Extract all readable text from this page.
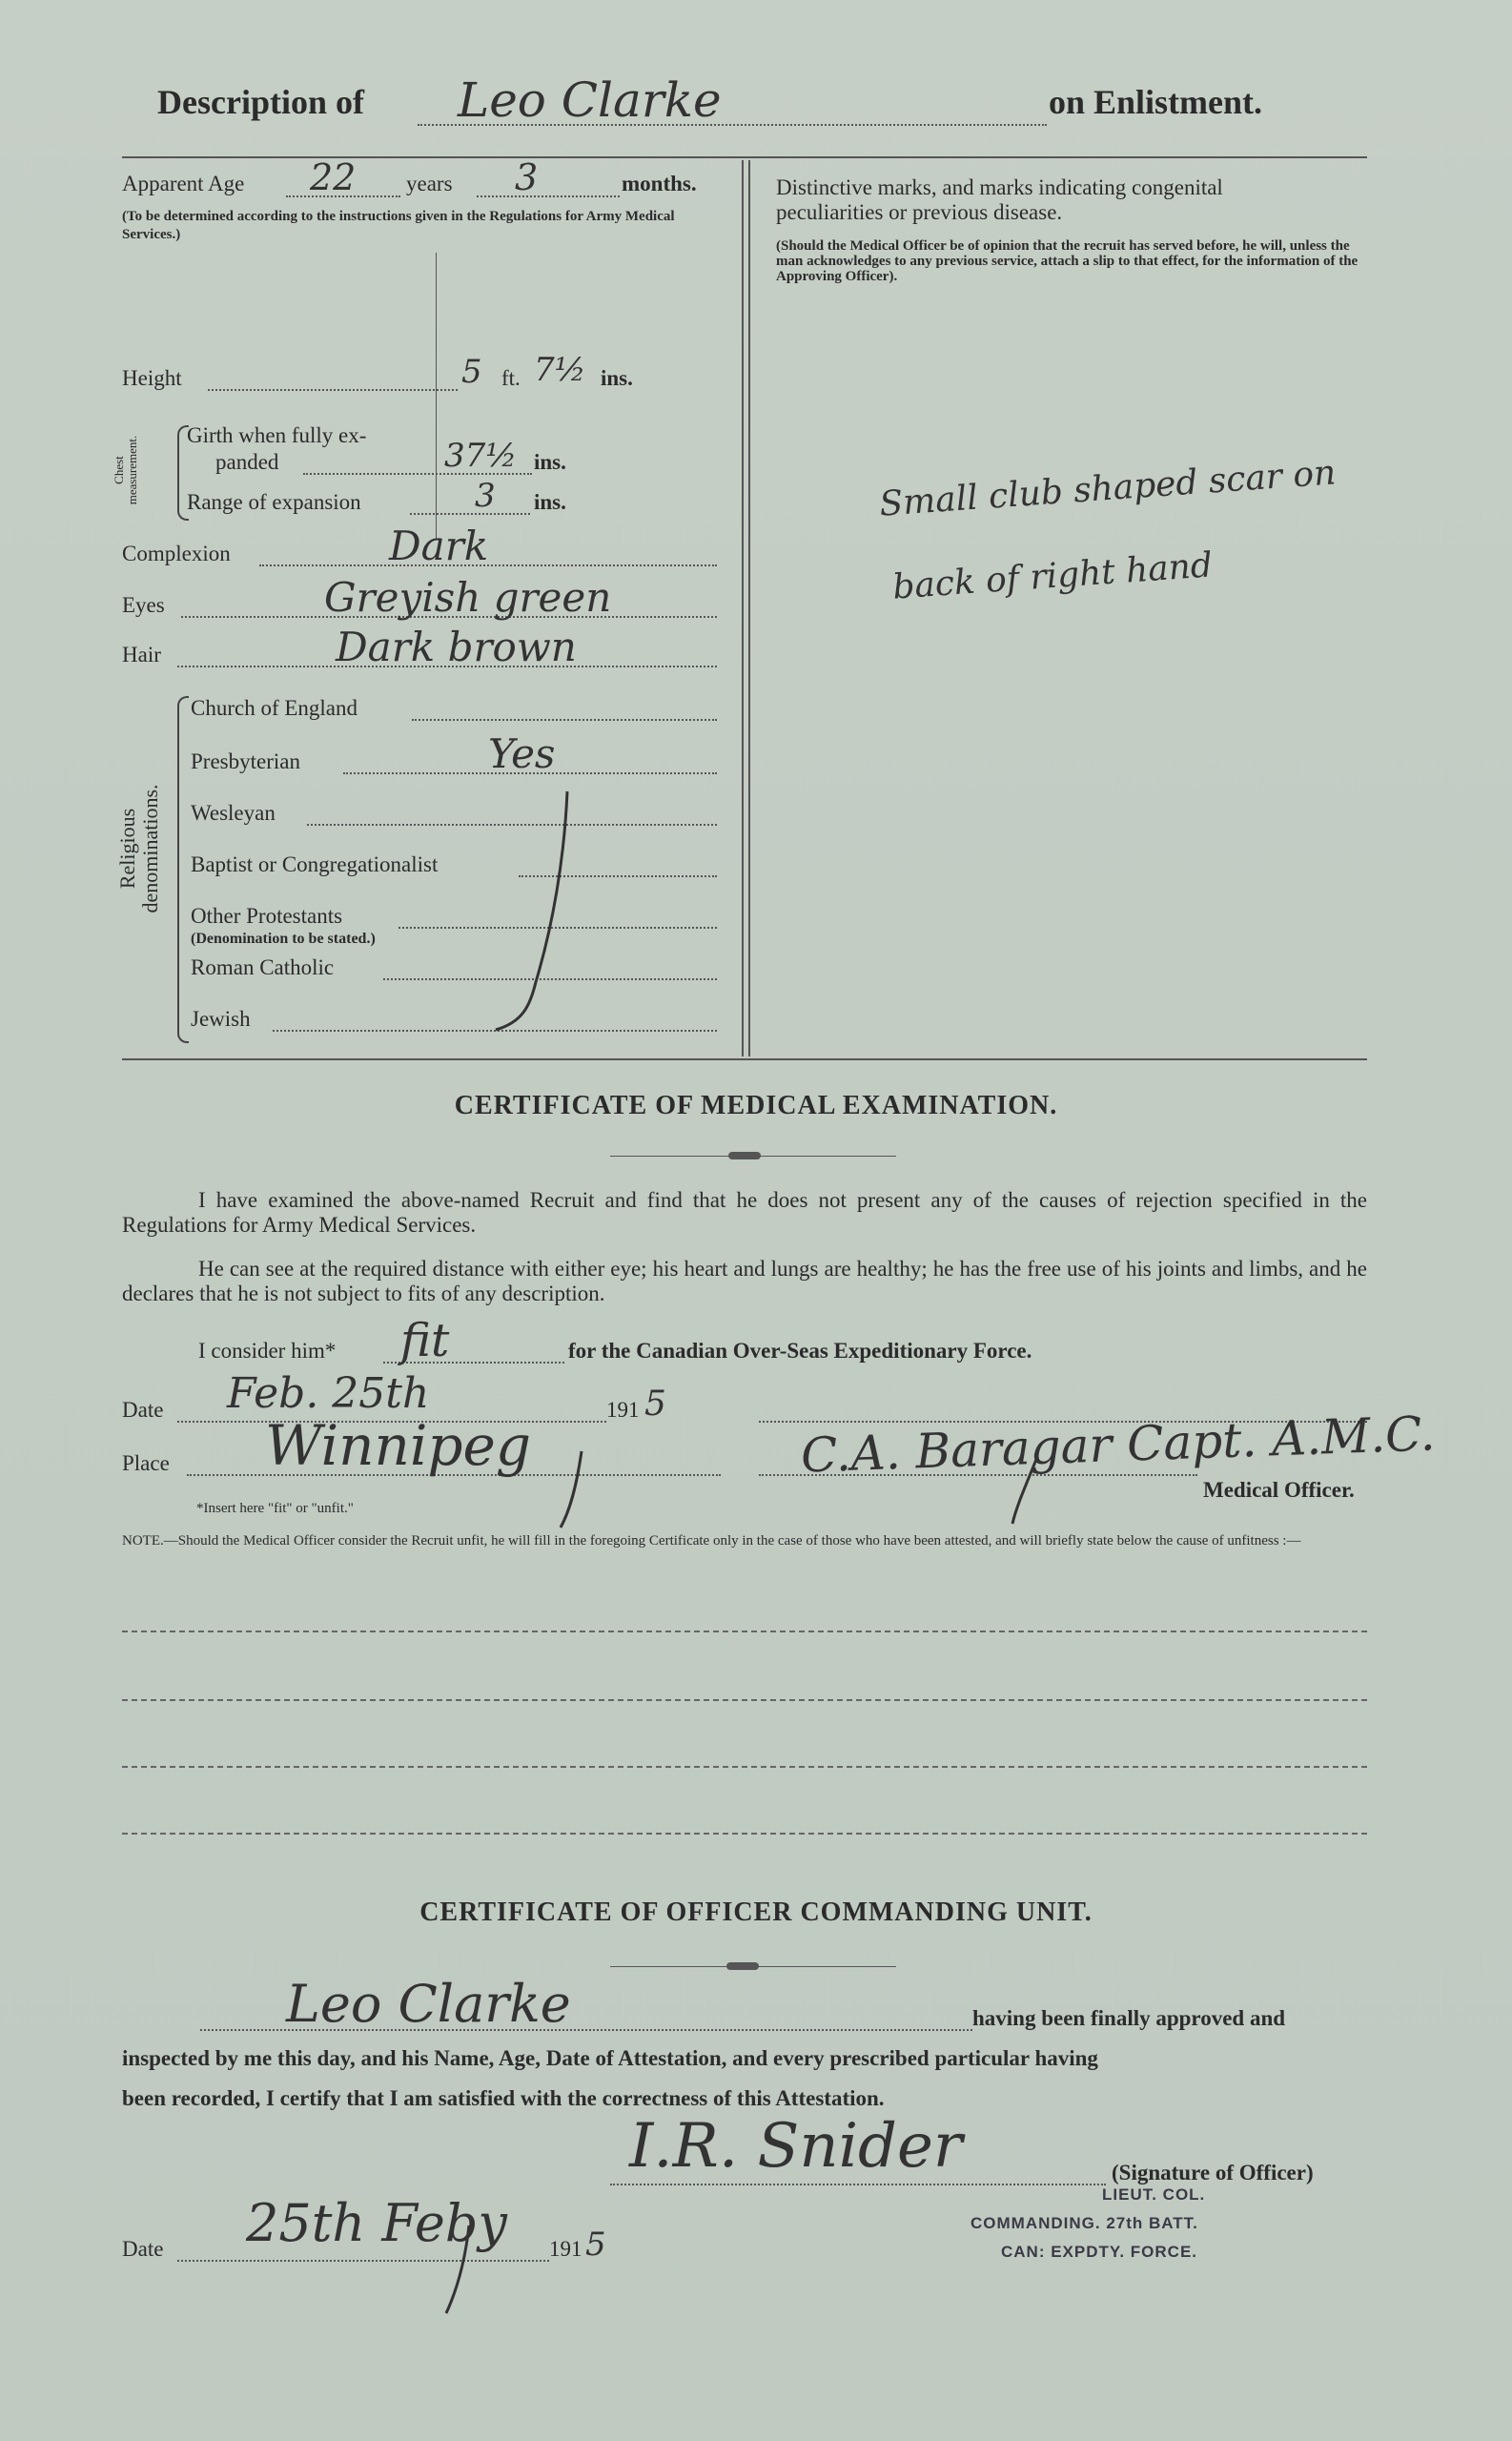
Description of Leo Clarke	on Enlistment.
Apparent Age 22 years 3	months.
(To be determined according to the instructions given in the Regulations for Army Medical Services.)
Height	5 ft. 7½ ins.
Chest measurement.
Girth when fully ex-
panded	37½ ins.
Range of expansion	3 ins.
Complexion	Dark
Eyes	Greyish green
Hair	Dark brown
Religious denominations.
Church of England
Presbyterian	Yes
Wesleyan
Baptist or Congregationalist
Other Protestants
(Denomination to be stated.)
Roman Catholic
Jewish
Distinctive marks, and marks indicating congenital
peculiarities or previous disease.
(Should the Medical Officer be of opinion that the recruit has served before, he will, unless the man acknowledges to any previous service, attach a slip to that effect, for the information of the Approving Officer).
Small club shaped scar on
back of right hand
CERTIFICATE OF MEDICAL EXAMINATION.
I have examined the above-named Recruit and find that he does not present any of the causes of rejection specified in the Regulations for Army Medical Services.
He can see at the required distance with either eye; his heart and lungs are healthy; he has the free use of his joints and limbs, and he declares that he is not subject to fits of any description.
I consider him* fit	for the Canadian Over-Seas Expeditionary Force.
Date Feb. 25th	191 5
Place Winnipeg	C.A. Baragar Capt. A.M.C.
Medical Officer.
*Insert here "fit" or "unfit."
NOTE.—Should the Medical Officer consider the Recruit unfit, he will fill in the foregoing Certificate only in the case of those who have been attested, and will briefly state below the cause of unfitness :—
CERTIFICATE OF OFFICER COMMANDING UNIT.
Leo Clarke	having been finally approved and
inspected by me this day, and his Name, Age, Date of Attestation, and every prescribed particular having
been recorded, I certify that I am satisfied with the correctness of this Attestation.
I.R. Snider	(Signature of Officer)
LIEUT. COL.
COMMANDING. 27th BATT.
CAN: EXPDTY. FORCE.
Date 25th Feby 191 5
